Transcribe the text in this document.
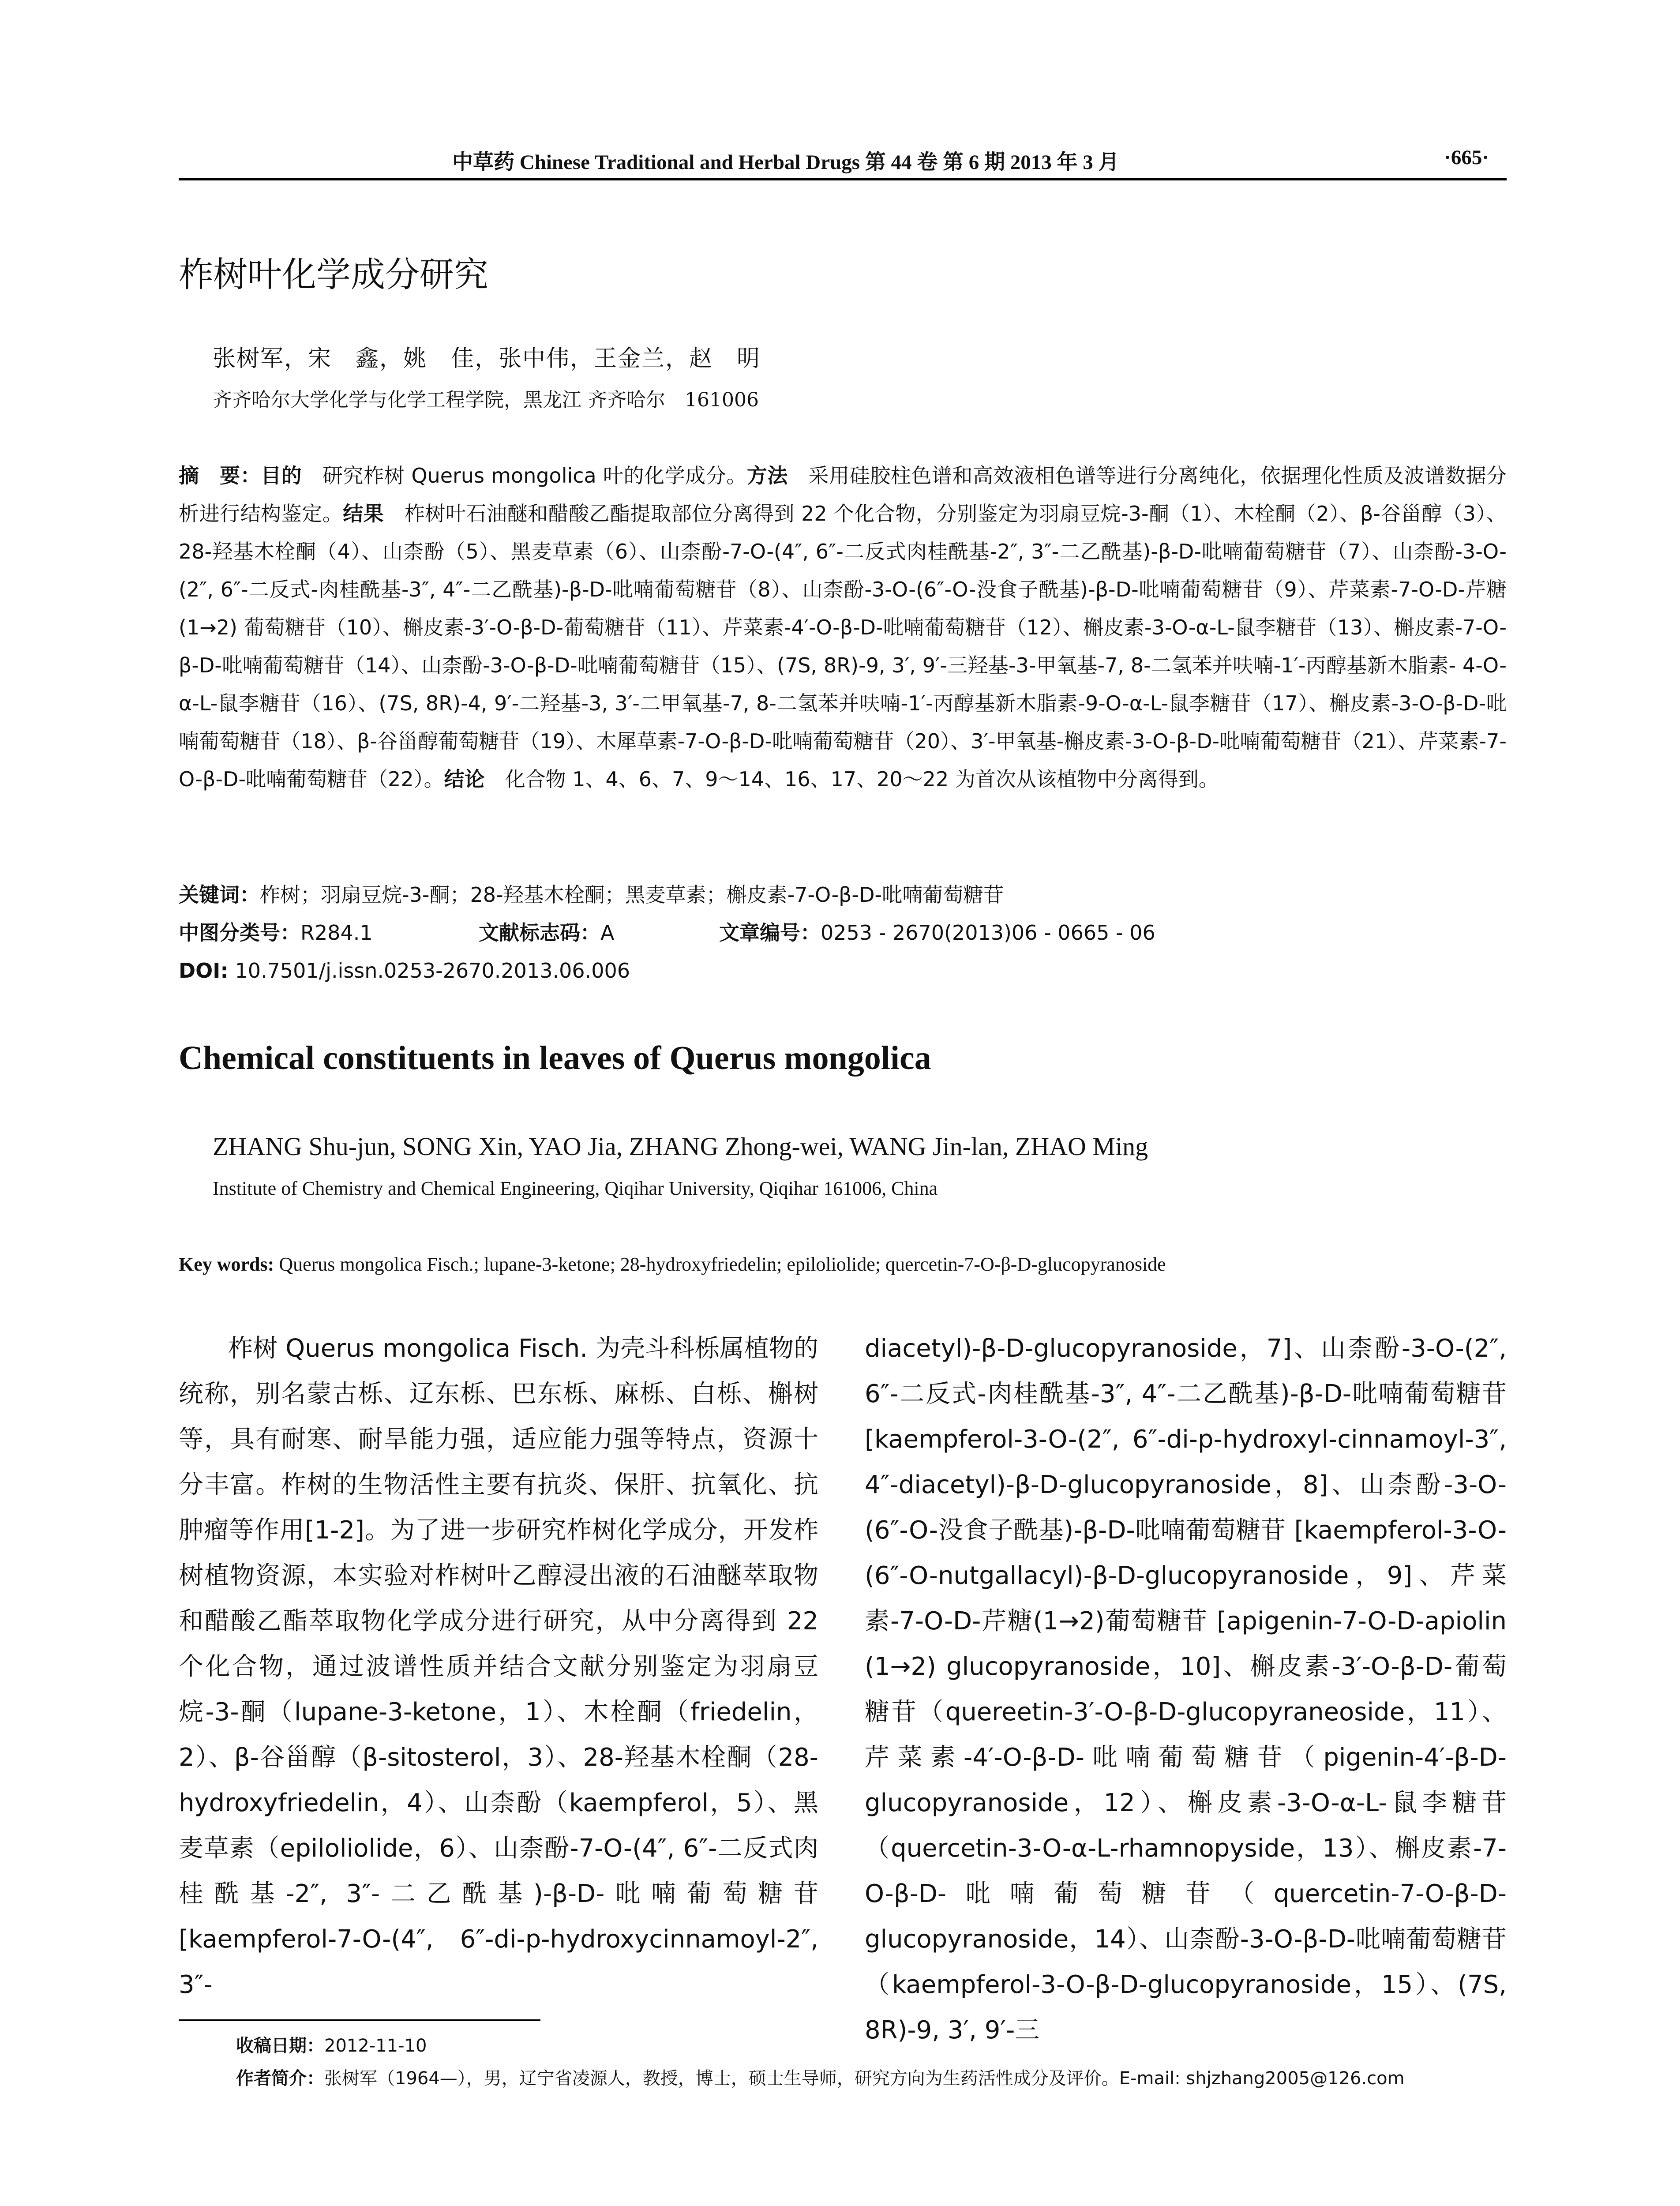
中草药 Chinese Traditional and Herbal Drugs 第 44 卷 第 6 期 2013 年 3 月	·665·
柞树叶化学成分研究
张树军，宋　鑫，姚　佳，张中伟，王金兰，赵　明
齐齐哈尔大学化学与化学工程学院，黑龙江 齐齐哈尔　161006
摘　要：目的　 研究柞树 Querus mongolica 叶的化学成分。方法　 采用硅胶柱色谱和高效液相色谱等进行分离纯化，依据理化性质及波谱数据分析进行结构鉴定。结果　 柞树叶石油醚和醋酸乙酯提取部位分离得到 22 个化合物，分别鉴定为羽扇豆烷-3-酮（1）、木栓酮（2）、β-谷甾醇（3）、28-羟基木栓酮（4）、山柰酚（5）、黑麦草素（6）、山柰酚-7-O-(4″, 6″-二反式肉桂酰基-2″, 3″-二乙酰基)-β-D-吡喃葡萄糖苷（7）、山柰酚-3-O-(2″, 6″-二反式-肉桂酰基-3″, 4″-二乙酰基)-β-D-吡喃葡萄糖苷（8）、山柰酚-3-O-(6″-O-没食子酰基)-β-D-吡喃葡萄糖苷（9）、芹菜素-7-O-D-芹糖 (1→2) 葡萄糖苷（10）、槲皮素-3′-O-β-D-葡萄糖苷（11）、芹菜素-4′-O-β-D-吡喃葡萄糖苷（12）、槲皮素-3-O-α-L-鼠李糖苷（13）、槲皮素-7-O-β-D-吡喃葡萄糖苷（14）、山柰酚-3-O-β-D-吡喃葡萄糖苷（15）、(7S, 8R)-9, 3′, 9′-三羟基-3-甲氧基-7, 8-二氢苯并呋喃-1′-丙醇基新木脂素- 4-O-α-L-鼠李糖苷（16）、(7S, 8R)-4, 9′-二羟基-3, 3′-二甲氧基-7, 8-二氢苯并呋喃-1′-丙醇基新木脂素-9-O-α-L-鼠李糖苷（17）、槲皮素-3-O-β-D-吡喃葡萄糖苷（18）、β-谷甾醇葡萄糖苷（19）、木犀草素-7-O-β-D-吡喃葡萄糖苷（20）、3′-甲氧基-槲皮素-3-O-β-D-吡喃葡萄糖苷（21）、芹菜素-7-O-β-D-吡喃葡萄糖苷（22）。结论　 化合物 1、4、6、7、9～14、16、17、20～22 为首次从该植物中分离得到。
关键词：柞树；羽扇豆烷-3-酮；28-羟基木栓酮；黑麦草素；槲皮素-7-O-β-D-吡喃葡萄糖苷
中图分类号：R284.1	文献标志码：A	文章编号：0253 - 2670(2013)06 - 0665 - 06
DOI: 10.7501/j.issn.0253-2670.2013.06.006
Chemical constituents in leaves of Querus mongolica
ZHANG Shu-jun, SONG Xin, YAO Jia, ZHANG Zhong-wei, WANG Jin-lan, ZHAO Ming
Institute of Chemistry and Chemical Engineering, Qiqihar University, Qiqihar 161006, China
Key words: Querus mongolica Fisch.; lupane-3-ketone; 28-hydroxyfriedelin; epiloliolide; quercetin-7-O-β-D-glucopyranoside

柞树 Querus mongolica Fisch. 为壳斗科栎属植物的统称，别名蒙古栎、辽东栎、巴东栎、麻栎、白栎、槲树等，具有耐寒、耐旱能力强，适应能力强等特点，资源十分丰富。柞树的生物活性主要有抗炎、保肝、抗氧化、抗肿瘤等作用[1-2]。为了进一步研究柞树化学成分，开发柞树植物资源，本实验对柞树叶乙醇浸出液的石油醚萃取物和醋酸乙酯萃取物化学成分进行研究，从中分离得到 22 个化合物，通过波谱性质并结合文献分别鉴定为羽扇豆烷-3-酮（lupane-3-ketone，1）、木栓酮（friedelin，2）、β-谷甾醇（β-sitosterol，3）、28-羟基木栓酮（28-hydroxyfriedelin，4）、山柰酚（kaempferol，5）、黑麦草素（epiloliolide，6）、山柰酚-7-O-(4″, 6″-二反式肉桂酰基-2″, 3″-二乙酰基)-β-D-吡喃葡萄糖苷 [kaempferol-7-O-(4″, 6″-di-p-hydroxycinnamoyl-2″, 3″-

diacetyl)-β-D-glucopyranoside，7]、山柰酚-3-O-(2″, 6″-二反式-肉桂酰基-3″, 4″-二乙酰基)-β-D-吡喃葡萄糖苷 [kaempferol-3-O-(2″, 6″-di-p-hydroxyl-cinnamoyl-3″, 4″-diacetyl)-β-D-glucopyranoside，8]、山柰酚-3-O-(6″-O-没食子酰基)-β-D-吡喃葡萄糖苷 [kaempferol-3-O-(6″-O-nutgallacyl)-β-D-glucopyranoside，9]、芹菜素-7-O-D-芹糖(1→2)葡萄糖苷 [apigenin-7-O-D-apiolin (1→2) glucopyranoside，10]、槲皮素-3′-O-β-D-葡萄糖苷（quereetin-3′-O-β-D-glucopyraneoside，11）、芹菜素-4′-O-β-D-吡喃葡萄糖苷（pigenin-4′-β-D-glucopyranoside，12）、槲皮素-3-O-α-L-鼠李糖苷（quercetin-3-O-α-L-rhamnopyside，13）、槲皮素-7-O-β-D-吡喃葡萄糖苷（quercetin-7-O-β-D-glucopyranoside，14）、山柰酚-3-O-β-D-吡喃葡萄糖苷（kaempferol-3-O-β-D-glucopyranoside，15）、(7S, 8R)-9, 3′, 9′-三

收稿日期：2012-11-10
作者简介：张树军（1964—），男，辽宁省凌源人，教授，博士，硕士生导师，研究方向为生药活性成分及评价。E-mail: shjzhang2005@126.com
